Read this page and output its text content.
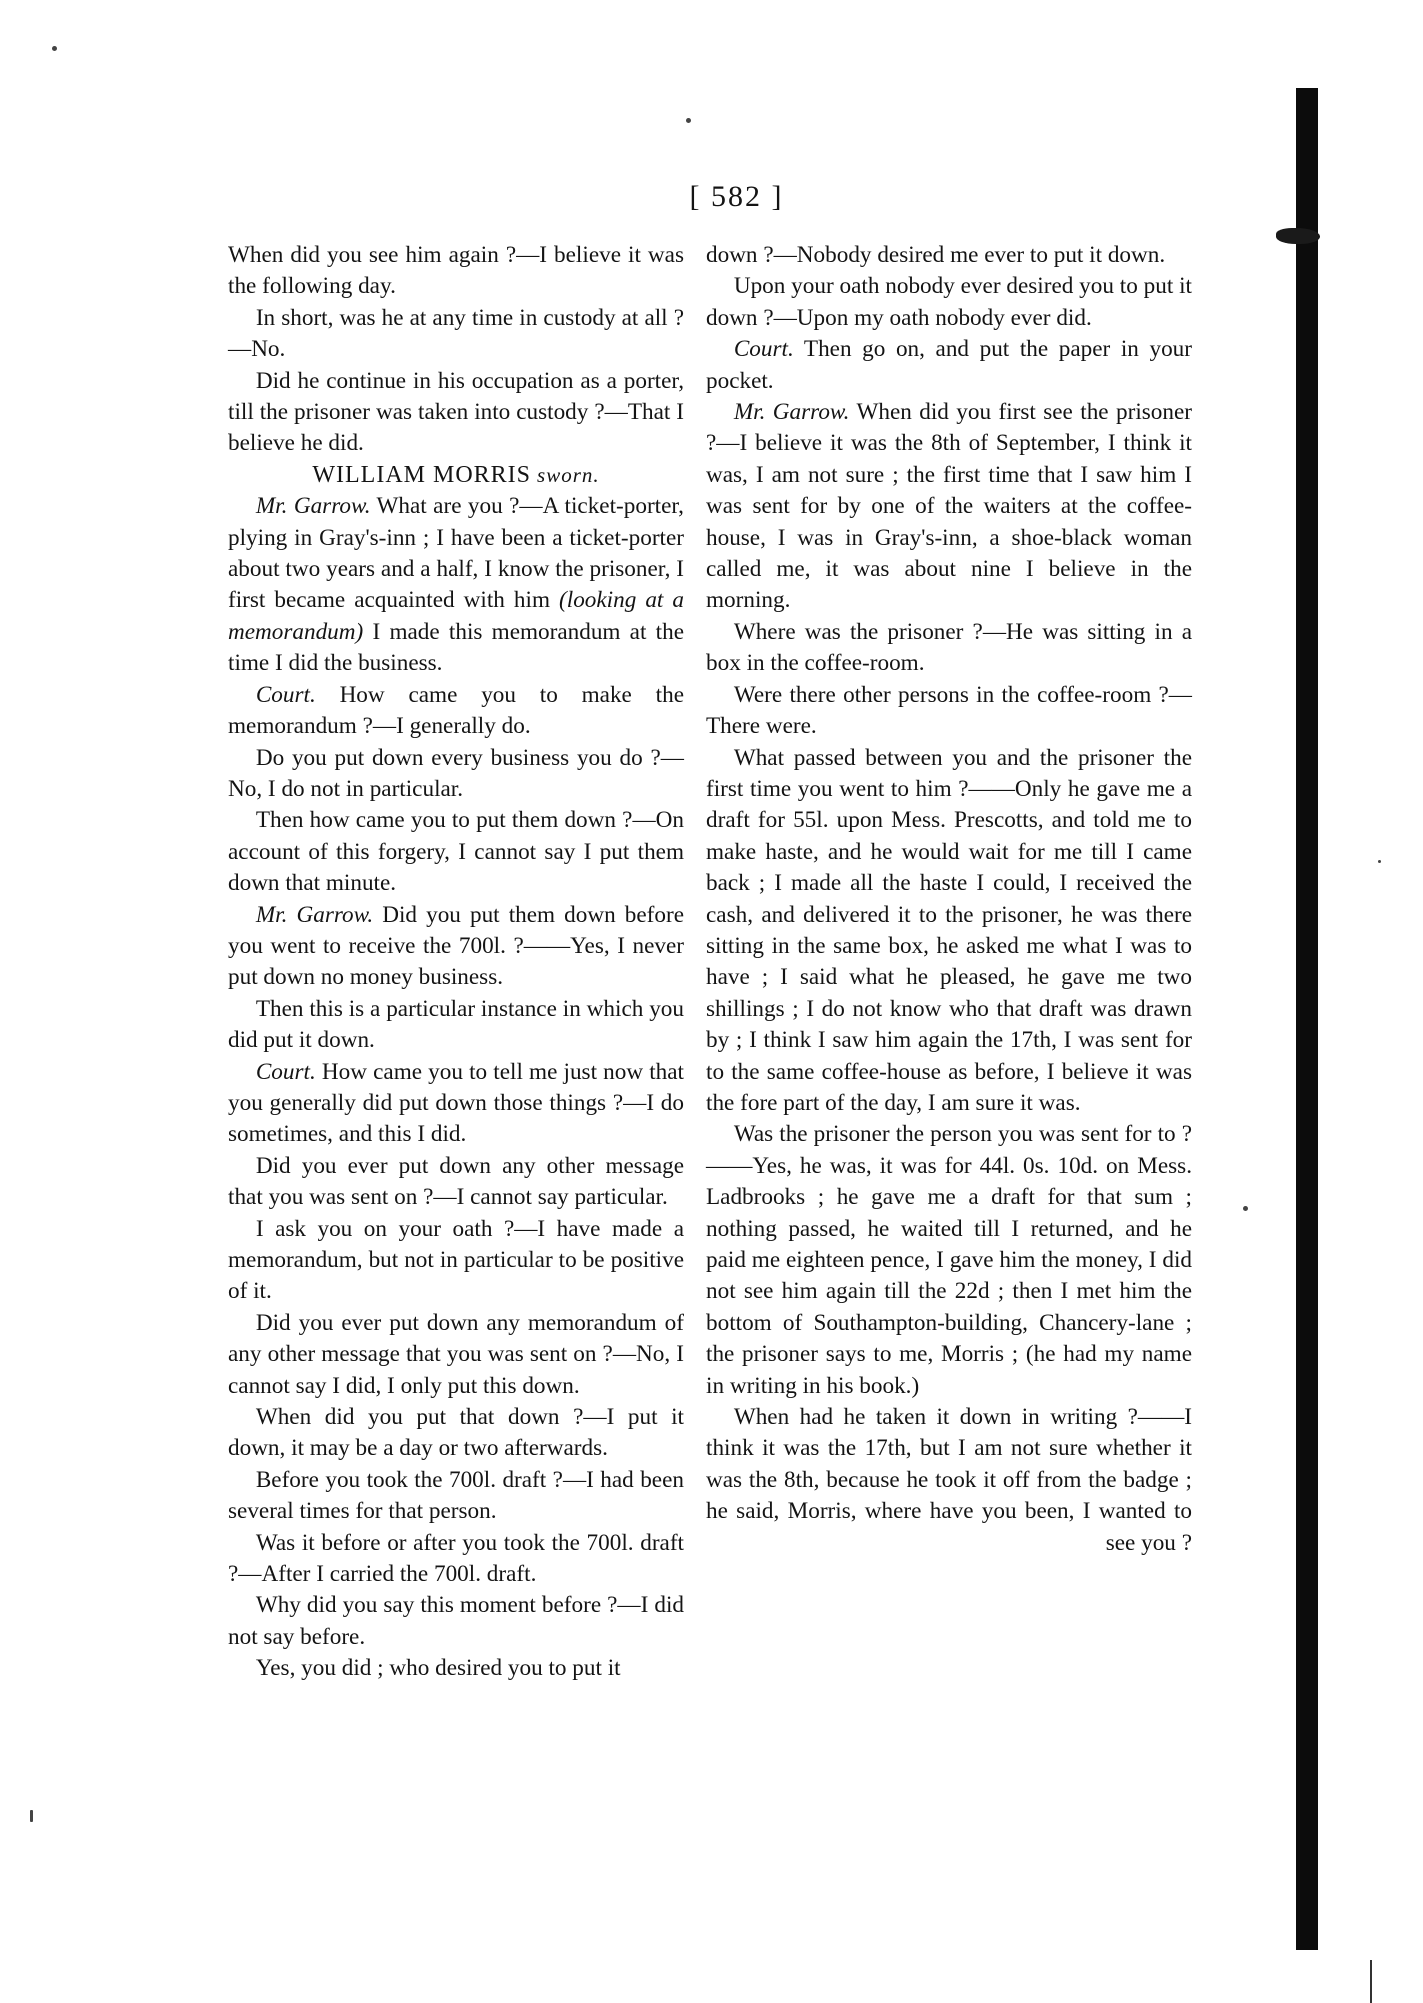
[ 582 ]

When did you see him again ?—I believe it was the following day.

In short, was he at any time in custody at all ?—No.

Did he continue in his occupation as a porter, till the prisoner was taken into custody ?—That I believe he did.

WILLIAM MORRIS sworn.

Mr. Garrow. What are you ?—A ticket-porter, plying in Gray's-inn ; I have been a ticket-porter about two years and a half, I know the prisoner, I first became acquainted with him (looking at a memorandum) I made this memorandum at the time I did the business.

Court. How came you to make the memorandum ?—I generally do.

Do you put down every business you do ?—No, I do not in particular.

Then how came you to put them down ?—On account of this forgery, I cannot say I put them down that minute.

Mr. Garrow. Did you put them down before you went to receive the 700l. ?——Yes, I never put down no money business.

Then this is a particular instance in which you did put it down.

Court. How came you to tell me just now that you generally did put down those things ?—I do sometimes, and this I did.

Did you ever put down any other message that you was sent on ?—I cannot say particular.

I ask you on your oath ?—I have made a memorandum, but not in particular to be positive of it.

Did you ever put down any memorandum of any other message that you was sent on ?—No, I cannot say I did, I only put this down.

When did you put that down ?—I put it down, it may be a day or two afterwards.

Before you took the 700l. draft ?—I had been several times for that person.

Was it before or after you took the 700l. draft ?—After I carried the 700l. draft.

Why did you say this moment before ?—I did not say before.

Yes, you did ; who desired you to put it

down ?—Nobody desired me ever to put it down.

Upon your oath nobody ever desired you to put it down ?—Upon my oath nobody ever did.

Court. Then go on, and put the paper in your pocket.

Mr. Garrow. When did you first see the prisoner ?—I believe it was the 8th of September, I think it was, I am not sure ; the first time that I saw him I was sent for by one of the waiters at the coffee-house, I was in Gray's-inn, a shoe-black woman called me, it was about nine I believe in the morning.

Where was the prisoner ?—He was sitting in a box in the coffee-room.

Were there other persons in the coffee-room ?—There were.

What passed between you and the prisoner the first time you went to him ?——Only he gave me a draft for 55l. upon Mess. Prescotts, and told me to make haste, and he would wait for me till I came back ; I made all the haste I could, I received the cash, and delivered it to the prisoner, he was there sitting in the same box, he asked me what I was to have ; I said what he pleased, he gave me two shillings ; I do not know who that draft was drawn by ; I think I saw him again the 17th, I was sent for to the same coffee-house as before, I believe it was the fore part of the day, I am sure it was.

Was the prisoner the person you was sent for to ?——Yes, he was, it was for 44l. 0s. 10d. on Mess. Ladbrooks ; he gave me a draft for that sum ; nothing passed, he waited till I returned, and he paid me eighteen pence, I gave him the money, I did not see him again till the 22d ; then I met him the bottom of Southampton-building, Chancery-lane ; the prisoner says to me, Morris ; (he had my name in writing in his book.)

When had he taken it down in writing ?——I think it was the 17th, but I am not sure whether it was the 8th, because he took it off from the badge ; he said, Morris, where have you been, I wanted to see you ?
